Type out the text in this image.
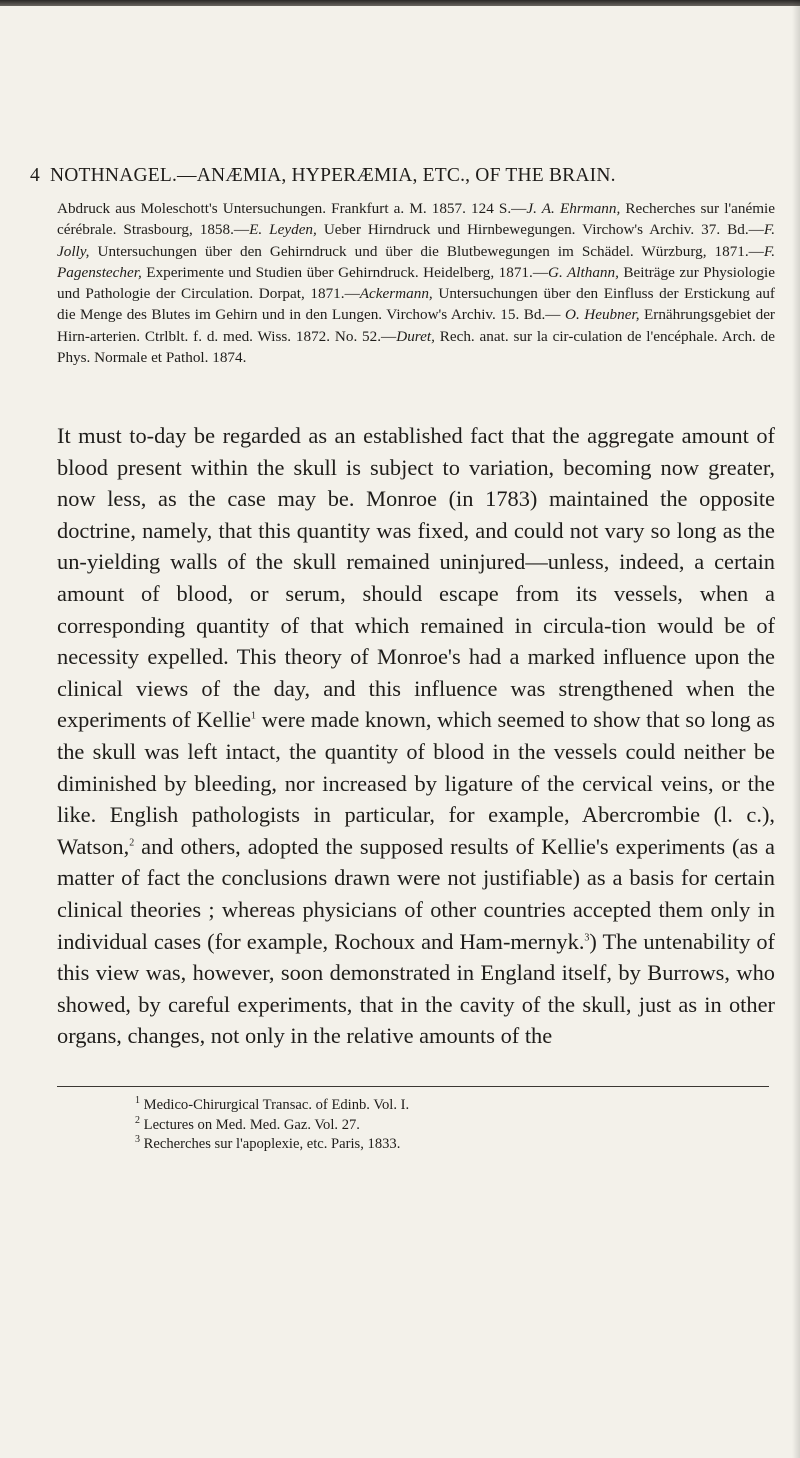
4 NOTHNAGEL.—ANÆMIA, HYPERÆMIA, ETC., OF THE BRAIN.
Abdruck aus Moleschott's Untersuchungen. Frankfurt a. M. 1857. 124 S.—J. A. Ehrmann, Recherches sur l'anémie cérébrale. Strasbourg, 1858.—E. Leyden, Ueber Hirndruck und Hirnbewegungen. Virchow's Archiv. 37. Bd.—F. Jolly, Untersuchungen über den Gehirndruck und über die Blutbewegungen im Schädel. Würzburg, 1871.—F. Pagenstecher, Experimente und Studien über Gehirndruck. Heidelberg, 1871.—G. Althann, Beiträge zur Physiologie und Pathologie der Circulation. Dorpat, 1871.—Ackermann, Untersuchungen über den Einfluss der Erstickung auf die Menge des Blutes im Gehirn und in den Lungen. Virchow's Archiv. 15. Bd.— O. Heubner, Ernährungsgebiet der Hirn-arterien. Ctrlblt. f. d. med. Wiss. 1872. No. 52.—Duret, Rech. anat. sur la cir-culation de l'encéphale. Arch. de Phys. Normale et Pathol. 1874.

It must to-day be regarded as an established fact that the aggregate amount of blood present within the skull is subject to variation, becoming now greater, now less, as the case may be. Monroe (in 1783) maintained the opposite doctrine, namely, that this quantity was fixed, and could not vary so long as the un-yielding walls of the skull remained uninjured—unless, indeed, a certain amount of blood, or serum, should escape from its vessels, when a corresponding quantity of that which remained in circula-tion would be of necessity expelled. This theory of Monroe's had a marked influence upon the clinical views of the day, and this influence was strengthened when the experiments of Kellie$^1$ were made known, which seemed to show that so long as the skull was left intact, the quantity of blood in the vessels could neither be diminished by bleeding, nor increased by ligature of the cervical veins, or the like. English pathologists in particular, for example, Abercrombie (l. c.), Watson,$^2$ and others, adopted the supposed results of Kellie's experiments (as a matter of fact the conclusions drawn were not justifiable) as a basis for certain clinical theories ; whereas physicians of other countries accepted them only in individual cases (for example, Rochoux and Ham-mernyk.$^3$) The untenability of this view was, however, soon demonstrated in England itself, by Burrows, who showed, by careful experiments, that in the cavity of the skull, just as in other organs, changes, not only in the relative amounts of the

$^1$ Medico-Chirurgical Transac. of Edinb. Vol. I.
$^2$ Lectures on Med. Med. Gaz. Vol. 27.
$^3$ Recherches sur l'apoplexie, etc. Paris, 1833.
